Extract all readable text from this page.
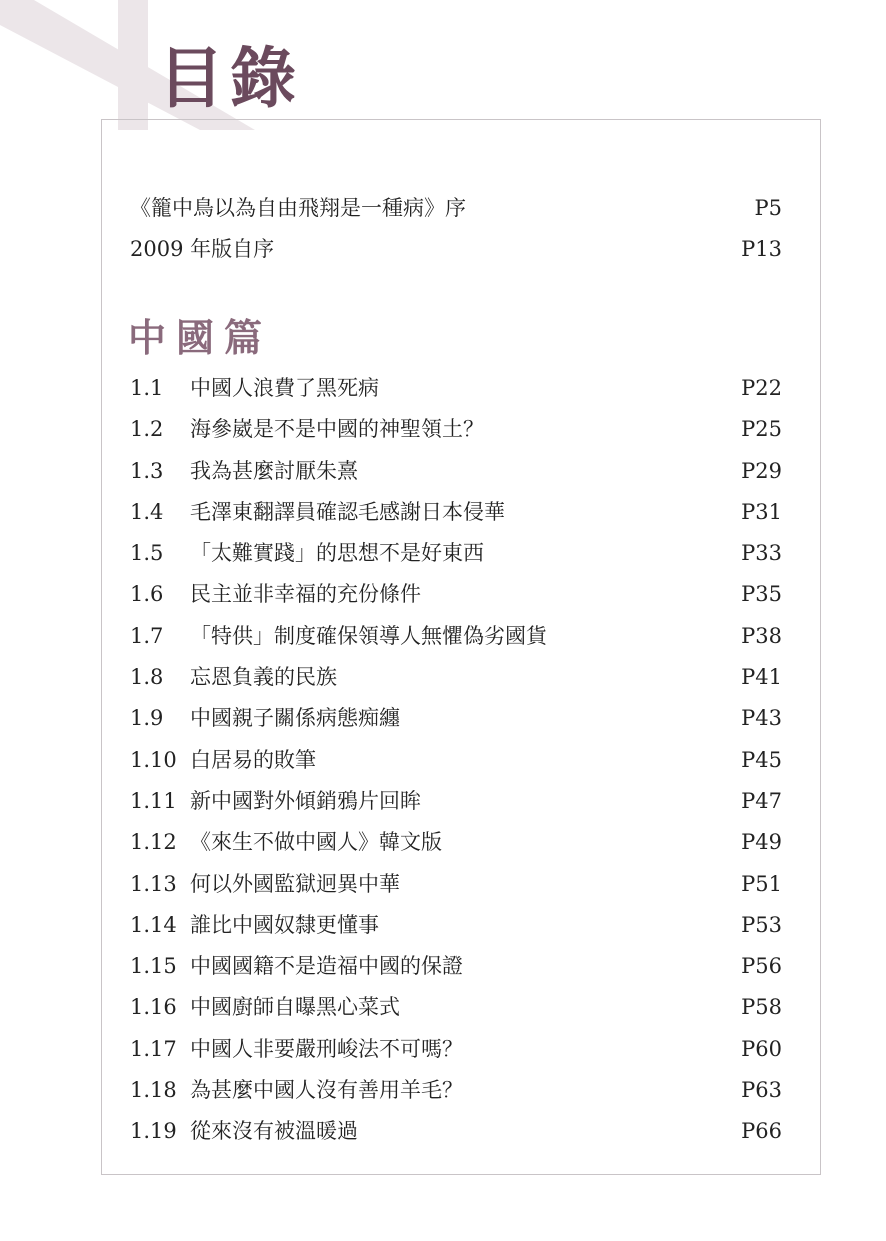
目錄
《籠中鳥以為自由飛翔是一種病》序	P5
2009 年版自序	P13
中國篇
1.1 中國人浪費了黑死病	P22
1.2 海參崴是不是中國的神聖領土？	P25
1.3 我為甚麼討厭朱熹	P29
1.4 毛澤東翻譯員確認毛感謝日本侵華	P31
1.5 「太難實踐」的思想不是好東西	P33
1.6 民主並非幸福的充份條件	P35
1.7 「特供」制度確保領導人無懼偽劣國貨	P38
1.8 忘恩負義的民族	P41
1.9 中國親子關係病態痴纏	P43
1.10 白居易的敗筆	P45
1.11 新中國對外傾銷鴉片回眸	P47
1.12 《來生不做中國人》韓文版	P49
1.13 何以外國監獄迥異中華	P51
1.14 誰比中國奴隸更懂事	P53
1.15 中國國籍不是造福中國的保證	P56
1.16 中國廚師自曝黑心菜式	P58
1.17 中國人非要嚴刑峻法不可嗎？	P60
1.18 為甚麼中國人沒有善用羊毛？	P63
1.19 從來沒有被溫暖過	P66
